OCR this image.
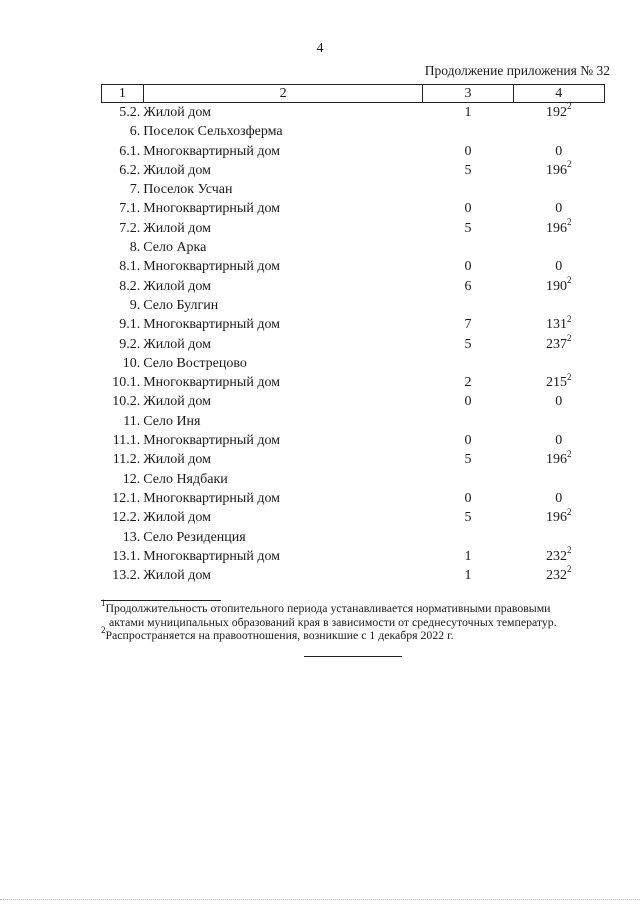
4
Продолжение приложения № 32
1	2	3	4
5.2.	Жилой дом	1	$192^2$
6.	Поселок Сельхозферма		
6.1.	Многоквартирный дом	0	0
6.2.	Жилой дом	5	$196^2$
7.	Поселок Усчан		
7.1.	Многоквартирный дом	0	0
7.2.	Жилой дом	5	$196^2$
8.	Село Арка		
8.1.	Многоквартирный дом	0	0
8.2.	Жилой дом	6	$190^2$
9.	Село Булгин		
9.1.	Многоквартирный дом	7	$131^2$
9.2.	Жилой дом	5	$237^2$
10.	Село Вострецово		
10.1.	Многоквартирный дом	2	$215^2$
10.2.	Жилой дом	0	0
11.	Село Иня		
11.1.	Многоквартирный дом	0	0
11.2.	Жилой дом	5	$196^2$
12.	Село Нядбаки		
12.1.	Многоквартирный дом	0	0
12.2.	Жилой дом	5	$196^2$
13.	Село Резиденция		
13.1.	Многоквартирный дом	1	$232^2$
13.2.	Жилой дом	1	$232^2$

$^1$Продолжительность отопительного периода устанавливается нормативными правовыми
актами муниципальных образований края в зависимости от среднесуточных температур.

$^2$Распространяется на правоотношения, возникшие с 1 декабря 2022 г.
